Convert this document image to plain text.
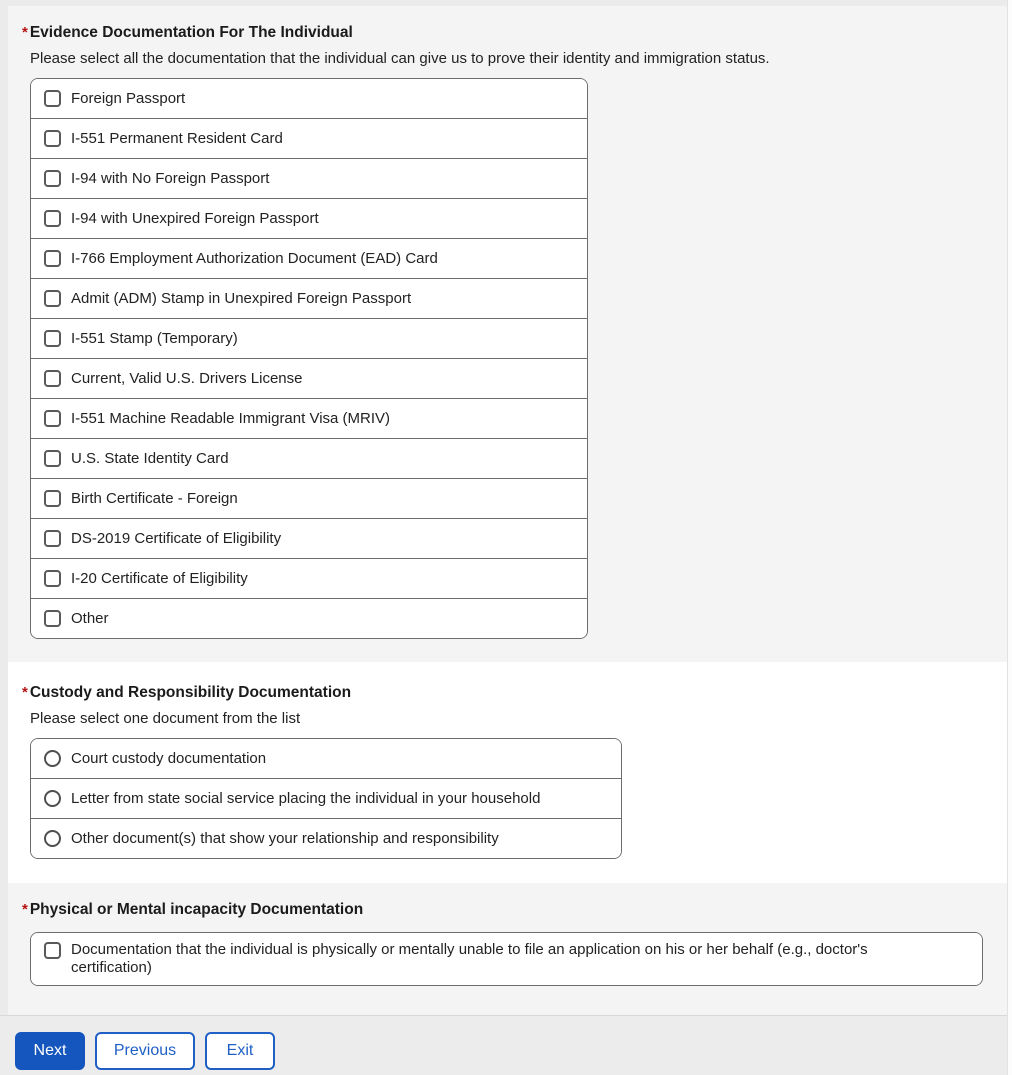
* Evidence Documentation For The Individual
Please select all the documentation that the individual can give us to prove their identity and immigration status.
Foreign Passport
I-551 Permanent Resident Card
I-94 with No Foreign Passport
I-94 with Unexpired Foreign Passport
I-766 Employment Authorization Document (EAD) Card
Admit (ADM) Stamp in Unexpired Foreign Passport
I-551 Stamp (Temporary)
Current, Valid U.S. Drivers License
I-551 Machine Readable Immigrant Visa (MRIV)
U.S. State Identity Card
Birth Certificate - Foreign
DS-2019 Certificate of Eligibility
I-20 Certificate of Eligibility
Other
* Custody and Responsibility Documentation
Please select one document from the list
Court custody documentation
Letter from state social service placing the individual in your household
Other document(s) that show your relationship and responsibility
* Physical or Mental incapacity Documentation
Documentation that the individual is physically or mentally unable to file an application on his or her behalf (e.g., doctor's certification)
Next	Previous	Exit
